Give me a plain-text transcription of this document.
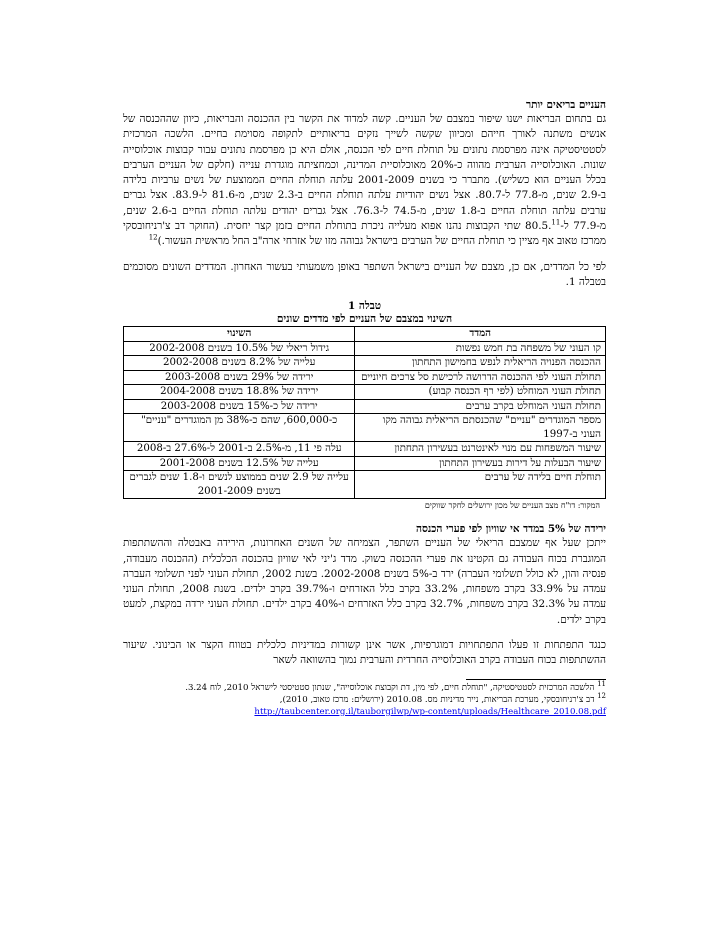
העניים בריאים יותר

גם בתחום הבריאות ישנו שיפור במצבם של העניים. קשה למדוד את הקשר בין ההכנסה והבריאות, כיוון שההכנסה של אנשים משתנה לאורך חייהם ומכיוון שקשה לשייך נזקים בריאותיים לתקופה מסוימת בחיים. הלשכה המרכזית לסטטיסטיקה אינה מפרסמת נתונים על תוחלת חיים לפי הכנסה, אולם היא כן מפרסמת נתונים עבור קבוצות אוכלוסייה שונות. האוכלוסייה הערבית מהווה כ-20% מאוכלוסיית המדינה, וכמחציתה מוגדרת ענייה (חלקם של העניים הערבים בכלל העניים הוא כשליש). מתברר כי בשנים 2001-2009 עלתה תוחלת החיים הממוצעת של נשים ערביות בלידה ב-2.9 שנים, מ-77.8 ל-80.7. אצל נשים יהודיות עלתה תוחלת החיים ב-2.3 שנים, מ-81.6 ל-83.9. אצל גברים ערבים עלתה תוחלת החיים ב-1.8 שנים, מ-74.5 ל-76.3. אצל גברים יהודים עלתה תוחלת החיים ב-2.6 שנים, מ-77.9 ל-80.5.11 שתי הקבוצות נהנו אפוא מעלייה ניכרת בתוחלת החיים בזמן קצר יחסית. (החוקר דב צ'רניחובסקי ממרכז טאוב אף מציין כי תוחלת החיים של הערבים בישראל גבוהה מזו של אזרחי ארה"ב החל מראשית העשור.)$^{12}$

לפי כל המדדים, אם כן, מצבם של העניים בישראל השתפר באופן משמעותי בעשור האחרון. המדדים השונים מסוכמים בטבלה 1.

טבלה 1
השינוי במצבם של העניים לפי מדדים שונים
המדד	השינוי
קו העוני של משפחה בת חמש נפשות	גידול ריאלי של 10.5% בשנים 2002-2008
ההכנסה הפנויה הריאלית לנפש בחמישון התחתון	עלייה של 8.2% בשנים 2002-2008
תחולת העוני לפי ההכנסה הדרושה לרכישת סל צרכים חיוניים	ירידה של 29% בשנים 2003-2008
תחולת העוני המוחלט (לפי רף הכנסה קבוע)	ירידה של 18.8% בשנים 2004-2008
תחולת העוני המוחלט בקרב ערבים	ירידה של כ-15% בשנים 2003-2008
מספר המוגדרים "עניים" שהכנסתם הריאלית גבוהה מקו העוני ב-1997	כ-600,000, שהם כ-38% מן המוגדרים "עניים"
שיעור המשפחות עם מנוי לאינטרנט בעשירון התחתון	עלה פי 11, מ-2.5% ב-2001 ל-27.6% ב-2008
שיעור הבעלות על דירות בעשירון התחתון	עלייה של 12.5% בשנים 2001-2008
תוחלת חיים בלידה של ערבים	עלייה של 2.9 שנים בממוצע לנשים ו-1.8 שנים לגברים בשנים 2001-2009
המקור: דו"ח מצב העניים של מכון ירושלים לחקר שווקים

ירידה של 5% במדד אי שוויון לפי פערי הכנסה

ייתכן שעל אף שמצבם הריאלי של העניים השתפר, הצמיחה של השנים האחרונות, הירידה באבטלה וההשתתפות המוגברת בכוח העבודה גם הקטינו את פערי ההכנסה בשוק. מדד ג'יני לאי שוויון בהכנסה הכלכלית (ההכנסה מעבודה, פנסיה והון, לא כולל תשלומי העברה) ירד ב-5% בשנים 2002-2008. בשנת 2002, תחולת העוני לפני תשלומי העברה עמדה על 33.9% בקרב משפחות, 33.2% בקרב כלל האזרחים ו-39.7% בקרב ילדים. בשנת 2008, תחולת העוני עמדה על 32.3% בקרב משפחות, 32.7% בקרב כלל האזרחים ו-40% בקרב ילדים. תחולת העוני ירדה במקצת, למעט בקרב ילדים.

כנגד התפתחות זו פעלו התפתחויות דמוגרפיות, אשר אינן קשורות במדיניות כלכלית בטווח הקצר או הבינוני. שיעור ההשתתפות בכוח העבודה בקרב האוכלוסייה החרדית והערבית נמוך בהשוואה לשאר

$^{11}$ הלשכה המרכזית לסטטיסטיקה, "תוחלת חיים, לפי מין, דת וקבוצת אוכלוסייה", שנתון סטטיסטי לישראל 2010, לוח 3.24.
$^{12}$ דב צ'רניחובסקי, מערכת הבריאות, נייר מדיניות מס. 2010.08 (ירושלים: מרכז טאוב, 2010),
http://taubcenter.org.il/tauborgilwp/wp-content/uploads/Healthcare_2010.08.pdf
